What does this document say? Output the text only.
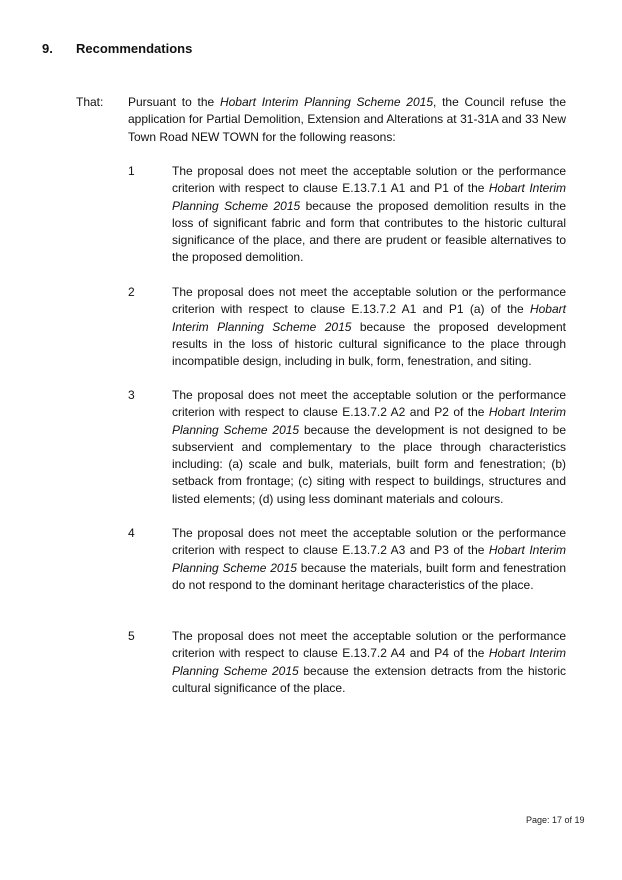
9. Recommendations
That: Pursuant to the Hobart Interim Planning Scheme 2015, the Council refuse the application for Partial Demolition, Extension and Alterations at 31-31A and 33 New Town Road NEW TOWN for the following reasons:
1	The proposal does not meet the acceptable solution or the performance criterion with respect to clause E.13.7.1 A1 and P1 of the Hobart Interim Planning Scheme 2015 because the proposed demolition results in the loss of significant fabric and form that contributes to the historic cultural significance of the place, and there are prudent or feasible alternatives to the proposed demolition.
2	The proposal does not meet the acceptable solution or the performance criterion with respect to clause E.13.7.2 A1 and P1 (a) of the Hobart Interim Planning Scheme 2015 because the proposed development results in the loss of historic cultural significance to the place through incompatible design, including in bulk, form, fenestration, and siting.
3	The proposal does not meet the acceptable solution or the performance criterion with respect to clause E.13.7.2 A2 and P2 of the Hobart Interim Planning Scheme 2015 because the development is not designed to be subservient and complementary to the place through characteristics including: (a) scale and bulk, materials, built form and fenestration; (b) setback from frontage; (c) siting with respect to buildings, structures and listed elements; (d) using less dominant materials and colours.
4	The proposal does not meet the acceptable solution or the performance criterion with respect to clause E.13.7.2 A3 and P3 of the Hobart Interim Planning Scheme 2015 because the materials, built form and fenestration do not respond to the dominant heritage characteristics of the place.
5	The proposal does not meet the acceptable solution or the performance criterion with respect to clause E.13.7.2 A4 and P4 of the Hobart Interim Planning Scheme 2015 because the extension detracts from the historic cultural significance of the place.
Page: 17 of 19
